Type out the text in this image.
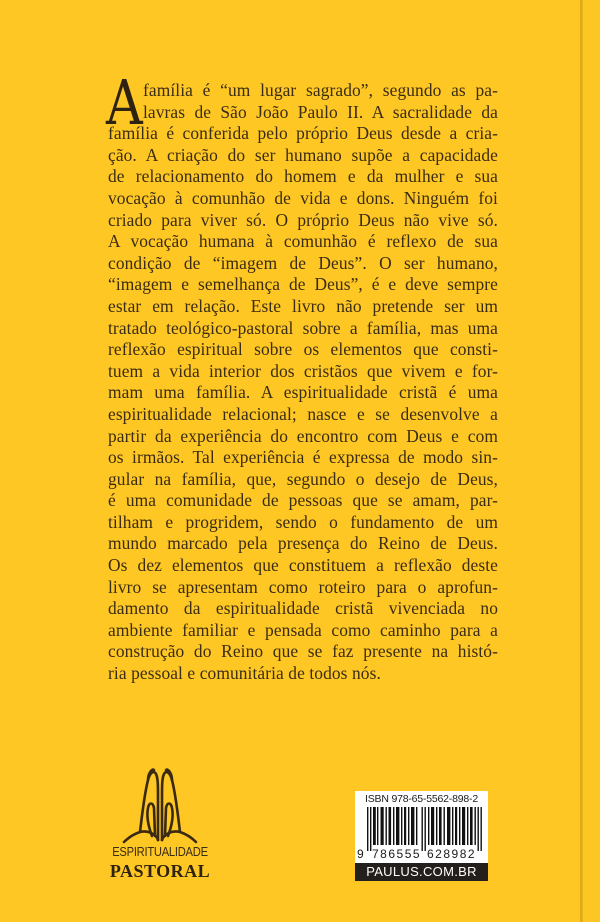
A família é “um lugar sagrado”, segundo as pa-
lavras de São João Paulo II. A sacralidade da
família é conferida pelo próprio Deus desde a cria-
ção. A criação do ser humano supõe a capacidade
de relacionamento do homem e da mulher e sua
vocação à comunhão de vida e dons. Ninguém foi
criado para viver só. O próprio Deus não vive só.
A vocação humana à comunhão é reflexo de sua
condição de “imagem de Deus”. O ser humano,
“imagem e semelhança de Deus”, é e deve sempre
estar em relação. Este livro não pretende ser um
tratado teológico-pastoral sobre a família, mas uma
reflexão espiritual sobre os elementos que consti-
tuem a vida interior dos cristãos que vivem e for-
mam uma família. A espiritualidade cristã é uma
espiritualidade relacional; nasce e se desenvolve a
partir da experiência do encontro com Deus e com
os irmãos. Tal experiência é expressa de modo sin-
gular na família, que, segundo o desejo de Deus,
é uma comunidade de pessoas que se amam, par-
tilham e progridem, sendo o fundamento de um
mundo marcado pela presença do Reino de Deus.
Os dez elementos que constituem a reflexão deste
livro se apresentam como roteiro para o aprofun-
damento da espiritualidade cristã vivenciada no
ambiente familiar e pensada como caminho para a
construção do Reino que se faz presente na histó-
ria pessoal e comunitária de todos nós.
ESPIRITUALIDADE
PASTORAL
ISBN 978-65-5562-898-2
9 786555 628982
PAULUS.COM.BR
